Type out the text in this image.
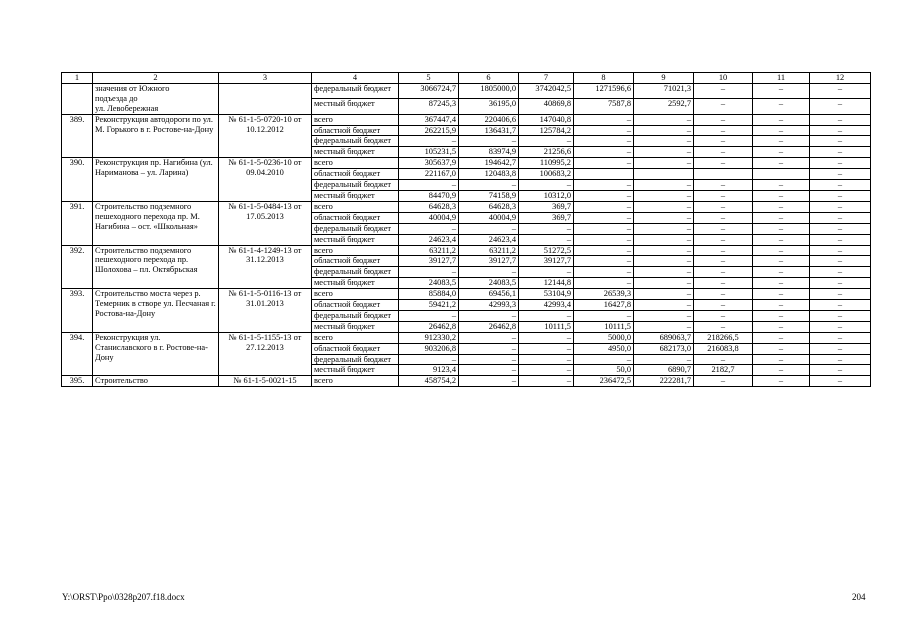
1	2	3	4	5	6	7	8	9	10	11	12

	значения от Южного
подъезда до
ул. Левобережная		федеральный бюджет	3066724,7	1805000,0	3742042,5	1271596,6	71021,3	–	–	–
			местный бюджет	87245,3	36195,0	40869,8	7587,8	2592,7	–	–	–
389.	Реконструкция автодороги по ул. М. Горького в г. Ростове-на-Дону	№ 61-1-5-0720-10 от 10.12.2012	всего	367447,4	220406,6	147040,8	–	–	–	–	–
			областной бюджет	262215,9	136431,7	125784,2	–	–	–	–	–
			федеральный бюджет	–	–	–	–	–	–	–	–
			местный бюджет	105231,5	83974,9	21256,6	–	–	–	–	–
390.	Реконструкция пр. Нагибина (ул. Нариманова – ул. Ларина)	№ 61-1-5-0236-10 от 09.04.2010	всего	305637,9	194642,7	110995,2	–	–	–	–	–
			областной бюджет	221167,0	120483,8	100683,2					–
			федеральный бюджет	–	–	–	–	–	–	–	–
			местный бюджет	84470,9	74158,9	10312,0	–	–	–	–	–
391.	Строительство подземного пешеходного перехода пр. М. Нагибина – ост. «Школьная»	№ 61-1-5-0484-13 от 17.05.2013	всего	64628,3	64628,3	369,7	–	–	–	–	–
			областной бюджет	40004,9	40004,9	369,7	–	–	–	–	–
			федеральный бюджет	–	–	–	–	–	–	–	–
			местный бюджет	24623,4	24623,4	–	–	–	–	–	–
392.	Строительство подземного пешеходного перехода пр. Шолохова – пл. Октябрьская	№ 61-1-4-1249-13 от 31.12.2013	всего	63211,2	63211,2	51272,5	–	–	–	–	–
			областной бюджет	39127,7	39127,7	39127,7	–	–	–	–	–
			федеральный бюджет	–	–	–	–	–	–	–	–
			местный бюджет	24083,5	24083,5	12144,8	–	–	–	–	–
393.	Строительство моста через р. Темерник в створе ул. Песчаная г. Ростова-на-Дону	№ 61-1-5-0116-13 от 31.01.2013	всего	85884,0	69456,1	53104,9	26539,3	–	–	–	–
			областной бюджет	59421,2	42993,3	42993,4	16427,8	–	–	–	–
			федеральный бюджет	–	–	–	–	–	–	–	–
			местный бюджет	26462,8	26462,8	10111,5	10111,5	–	–	–	–
394.	Реконструкция ул. Станиславского в г. Ростове-на-Дону	№ 61-1-5-1155-13 от 27.12.2013	всего	912330,2	–	–	5000,0	689063,7	218266,5	–	–
			областной бюджет	903206,8	–	–	4950,0	682173,0	216083,8	–	–
			федеральный бюджет	–	–	–	–	–	–	–	–
			местный бюджет	9123,4	–	–	50,0	6890,7	2182,7	–	–
395.	Строительство	№ 61-1-5-0021-15	всего	458754,2	–	–	236472,5	222281,7	–	–	–
Y:\ORST\Ppo\0328p207.f18.docx	204
